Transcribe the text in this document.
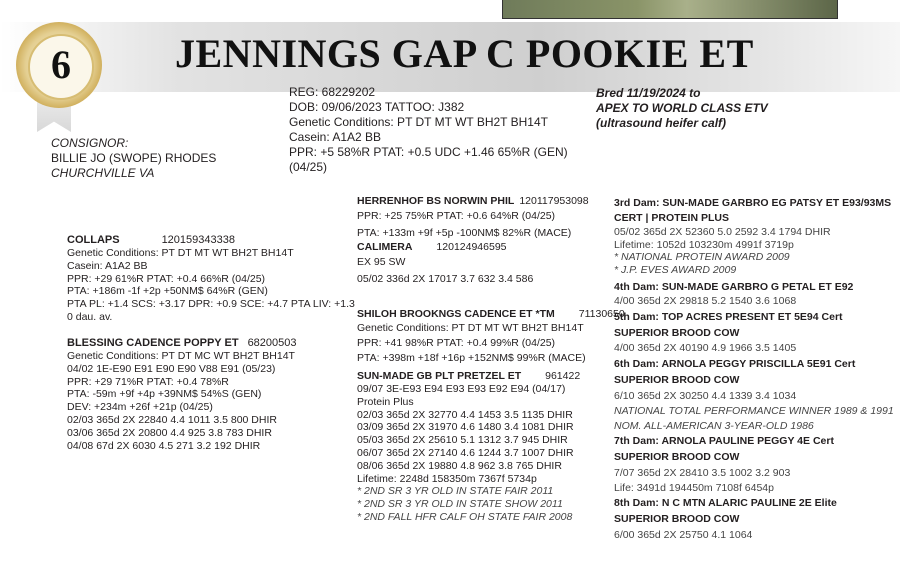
6	JENNINGS GAP C POOKIE ET
REG: 68229202
DOB: 09/06/2023 TATTOO: J382
Genetic Conditions: PT DT MT WT BH2T BH14T
Casein: A1A2 BB
PPR: +5 58%R PTAT: +0.5 UDC +1.46 65%R (GEN)
(04/25)
Bred 11/19/2024 to
APEX TO WORLD CLASS ETV
(ultrasound heifer calf)
CONSIGNOR:
BILLIE JO (SWOPE) RHODES
CHURCHVILLE VA
COLLAPS	120159343338
Genetic Conditions: PT DT MT WT BH2T BH14T
Casein: A1A2 BB
PPR: +29 61%R PTAT: +0.4 66%R (04/25)
PTA: +186m -1f +2p +50NM$ 64%R (GEN)
PTA PL: +1.4 SCS: +3.17 DPR: +0.9 SCE: +4.7 PTA LIV: +1.3
0 dau. av.
BLESSING CADENCE POPPY ET 68200503
Genetic Conditions: PT DT MC WT BH2T BH14T
04/02 1E-E90 E91 E90 E90 V88 E91 (05/23)
PPR: +29 71%R PTAT: +0.4 78%R
PTA: -59m +9f +4p +39NM$ 54%S (GEN)
DEV: +234m +26f +21p (04/25)
02/03 365d 2X 22840 4.4 1011 3.5 800 DHIR
03/06 365d 2X 20800 4.4 925 3.8 783 DHIR
04/08 67d 2X 6030 4.5 271 3.2 192 DHIR
HERRENHOF BS NORWIN PHIL 120117953098
PPR: +25 75%R PTAT: +0.6 64%R (04/25)
PTA: +133m +9f +5p -100NM$ 82%R (MACE)
CALIMERA 120124946595
EX 95 SW
05/02 336d 2X 17017 3.7 632 3.4 586
SHILOH BROOKNGS CADENCE ET *TM 71130650
Genetic Conditions: PT DT MT WT BH2T BH14T
PPR: +41 98%R PTAT: +0.4 99%R (04/25)
PTA: +398m +18f +16p +152NM$ 99%R (MACE)
SUN-MADE GB PLT PRETZEL ET 961422
09/07 3E-E93 E94 E93 E93 E92 E94 (04/17)
Protein Plus
02/03 365d 2X 32770 4.4 1453 3.5 1135 DHIR
03/09 365d 2X 31970 4.6 1480 3.4 1081 DHIR
05/03 365d 2X 25610 5.1 1312 3.7 945 DHIR
06/07 365d 2X 27140 4.6 1244 3.7 1007 DHIR
08/06 365d 2X 19880 4.8 962 3.8 765 DHIR
Lifetime: 2248d 158350m 7367f 5734p
* 2ND SR 3 YR OLD IN STATE FAIR 2011
* 2ND SR 3 YR OLD IN STATE SHOW 2011
* 2ND FALL HFR CALF OH STATE FAIR 2008
3rd Dam: SUN-MADE GARBRO EG PATSY ET E93/93MS
CERT | PROTEIN PLUS
05/02 365d 2X 52360 5.0 2592 3.4 1794 DHIR
Lifetime: 1052d 103230m 4991f 3719p
* NATIONAL PROTEIN AWARD 2009
* J.P. EVES AWARD 2009
4th Dam: SUN-MADE GARBRO G PETAL ET E92
4/00 365d 2X 29818 5.2 1540 3.6 1068
5th Dam: TOP ACRES PRESENT ET 5E94 Cert
SUPERIOR BROOD COW
4/00 365d 2X 40190 4.9 1966 3.5 1405
6th Dam: ARNOLA PEGGY PRISCILLA 5E91 Cert
SUPERIOR BROOD COW
6/10 365d 2X 30250 4.4 1339 3.4 1034
NATIONAL TOTAL PERFORMANCE WINNER 1989 & 1991
NOM. ALL-AMERICAN 3-YEAR-OLD 1986
7th Dam: ARNOLA PAULINE PEGGY 4E Cert
SUPERIOR BROOD COW
7/07 365d 2X 28410 3.5 1002 3.2 903
Life: 3491d 194450m 7108f 6454p
8th Dam: N C MTN ALARIC PAULINE 2E Elite
SUPERIOR BROOD COW
6/00 365d 2X 25750 4.1 1064
